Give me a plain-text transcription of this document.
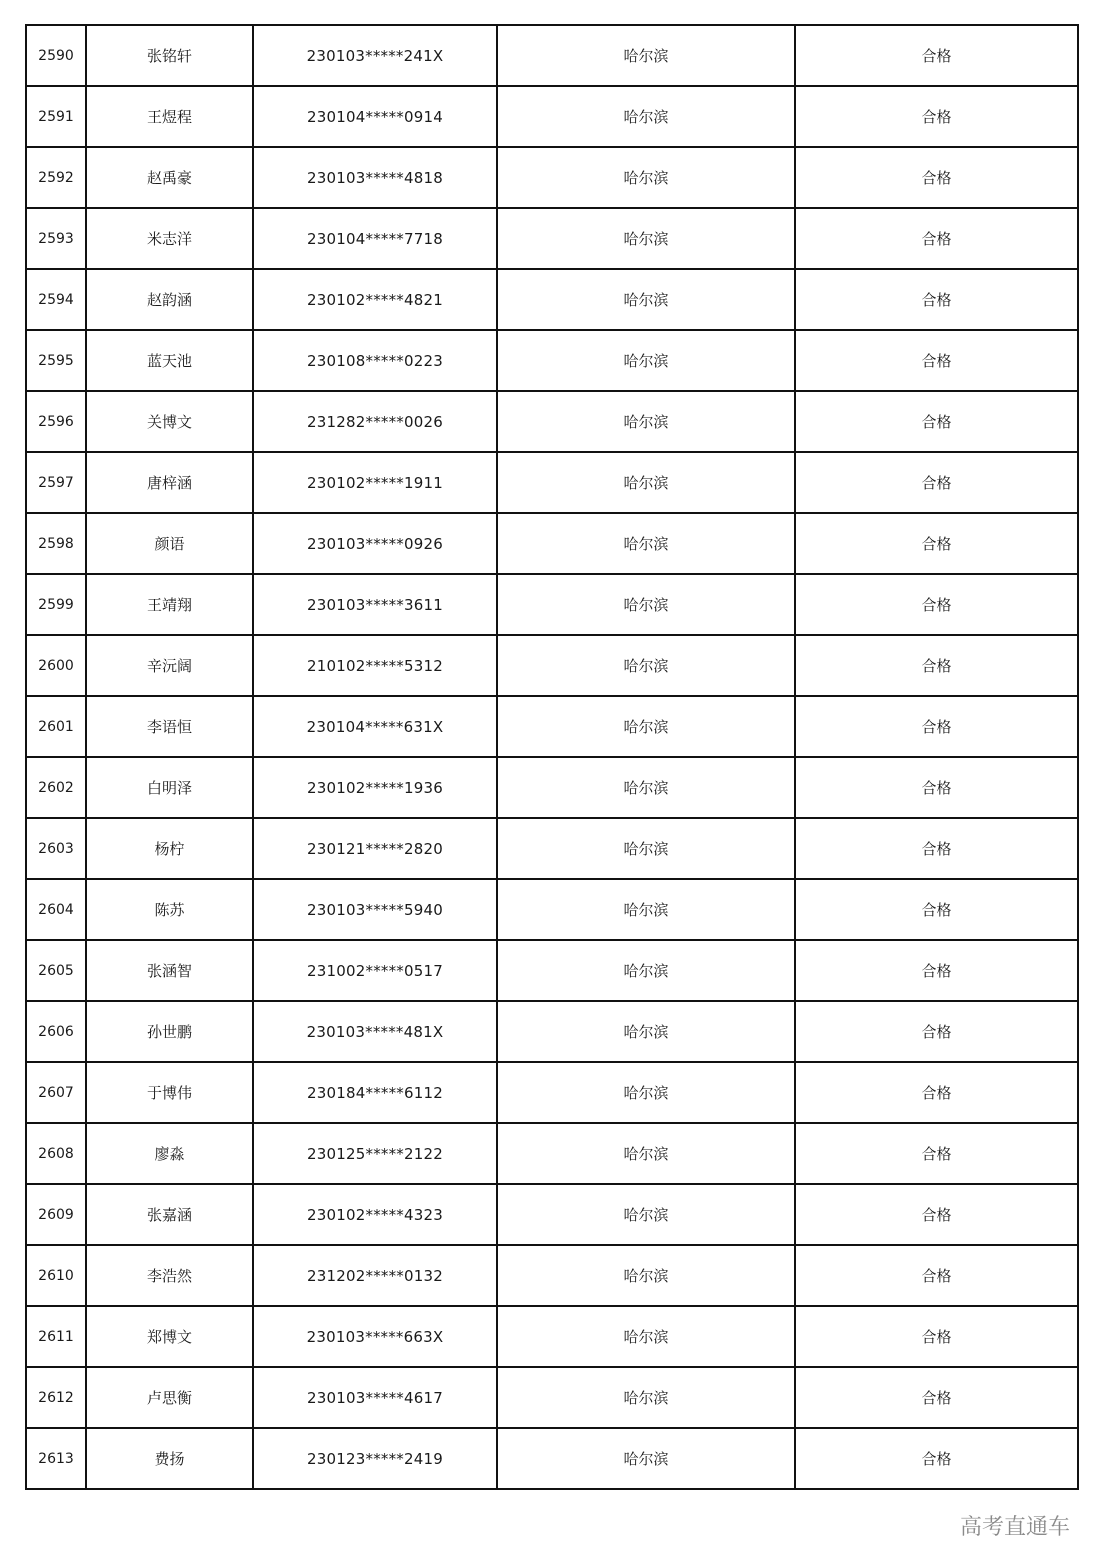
2590	张铭轩	230103*****241X	哈尔滨	合格
2591	王煜程	230104*****0914	哈尔滨	合格
2592	赵禹豪	230103*****4818	哈尔滨	合格
2593	米志洋	230104*****7718	哈尔滨	合格
2594	赵韵涵	230102*****4821	哈尔滨	合格
2595	蓝天池	230108*****0223	哈尔滨	合格
2596	关博文	231282*****0026	哈尔滨	合格
2597	唐梓涵	230102*****1911	哈尔滨	合格
2598	颜语	230103*****0926	哈尔滨	合格
2599	王靖翔	230103*****3611	哈尔滨	合格
2600	辛沅阔	210102*****5312	哈尔滨	合格
2601	李语恒	230104*****631X	哈尔滨	合格
2602	白明泽	230102*****1936	哈尔滨	合格
2603	杨柠	230121*****2820	哈尔滨	合格
2604	陈苏	230103*****5940	哈尔滨	合格
2605	张涵智	231002*****0517	哈尔滨	合格
2606	孙世鹏	230103*****481X	哈尔滨	合格
2607	于博伟	230184*****6112	哈尔滨	合格
2608	廖淼	230125*****2122	哈尔滨	合格
2609	张嘉涵	230102*****4323	哈尔滨	合格
2610	李浩然	231202*****0132	哈尔滨	合格
2611	郑博文	230103*****663X	哈尔滨	合格
2612	卢思衡	230103*****4617	哈尔滨	合格
2613	费扬	230123*****2419	哈尔滨	合格
高考直通车
